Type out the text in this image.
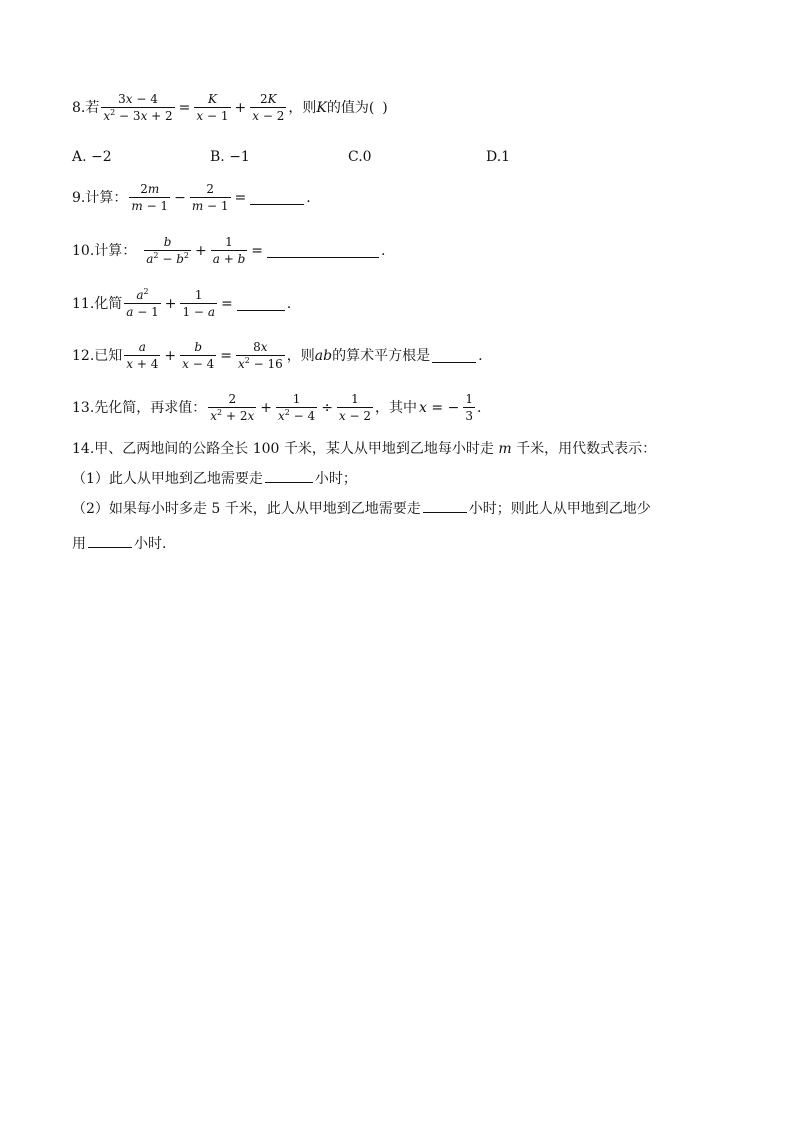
8.若 $\frac{3x - 4}{x^2 - 3x + 2} = \frac{K}{x - 1} + \frac{2K}{x - 2}$ ，则 K 的值为( )
A. −2	B. −1	C.0	D.1
9.计算： $\frac{2m}{m - 1} - \frac{2}{m - 1}$ =	.
10.计算： $\frac{b}{a^2 - b^2} + \frac{1}{a + b}$ =	.
11.化简 $\frac{a^2}{a - 1} + \frac{1}{1 - a}$ =	.
12.已知 $\frac{a}{x + 4} + \frac{b}{x - 4} = \frac{8x}{x^2 - 16}$ ，则 ab 的算术平方根是	.
13.先化简，再求值： $\frac{2}{x^2 + 2x} + \frac{1}{x^2 - 4} \div \frac{1}{x - 2}$ ，其中 x = − $\frac{1}{3}$ .
14.甲、乙两地间的公路全长 100 千米，某人从甲地到乙地每小时走 m 千米，用代数式表示：
（1）此人从甲地到乙地需要走	小时；
（2）如果每小时多走 5 千米，此人从甲地到乙地需要走	小时；则此人从甲地到乙地少
用	小时.
